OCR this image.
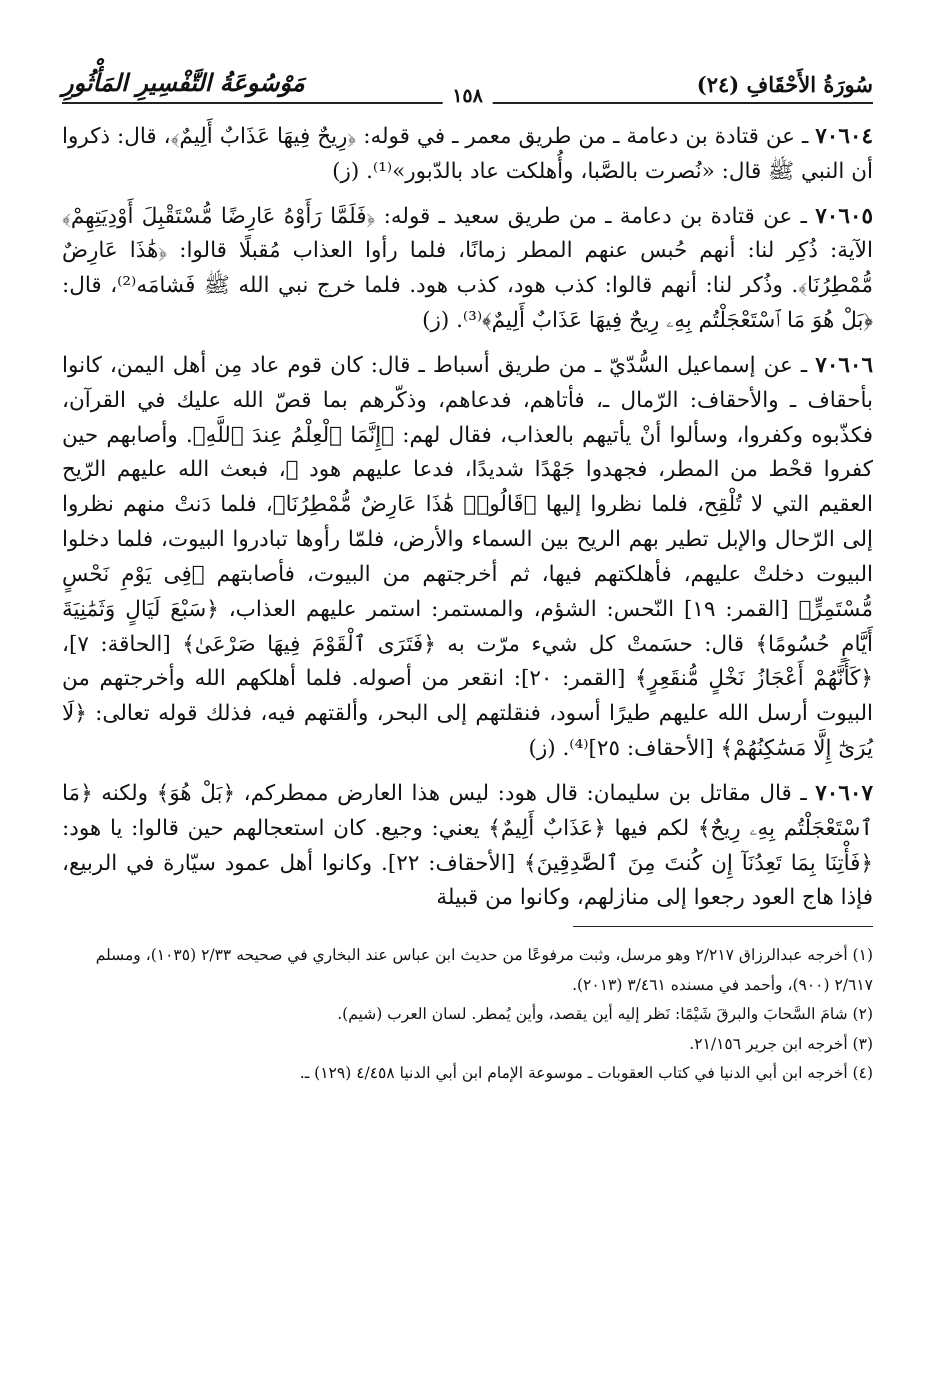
سُورَةُ الأَحْقَافِ (٢٤)
١٥٨
مَوْسُوعَةُ التَّفْسِيرِ المَأْثُورِ

٧٠٦٠٤ ـ عن قتادة بن دعامة ـ من طريق معمر ـ في قوله: ﴿رِيحٌ فِيهَا عَذَابٌ أَلِيمٌ﴾، قال: ذكروا أن النبي ﷺ قال: «نُصرت بالصَّبا، وأُهلكت عاد بالدّبور»⁽¹⁾. (ز)

٧٠٦٠٥ ـ عن قتادة بن دعامة ـ من طريق سعيد ـ قوله: ﴿فَلَمَّا رَأَوْهُ عَارِضًا مُّسْتَقْبِلَ أَوْدِيَتِهِمْ﴾ الآية: ذُكِر لنا: أنهم حُبس عنهم المطر زمانًا، فلما رأوا العذاب مُقبلًا قالوا: ﴿هَٰذَا عَارِضٌ مُّمْطِرُنَا﴾. وذُكر لنا: أنهم قالوا: كذب هود، كذب هود. فلما خرج نبي الله ﷺ فَشامَه⁽²⁾، قال: ﴿بَلْ هُوَ مَا ٱسْتَعْجَلْتُم بِهِۦ رِيحٌ فِيهَا عَذَابٌ أَلِيمٌ﴾⁽³⁾. (ز)

٧٠٦٠٦ ـ عن إسماعيل السُّدّيّ ـ من طريق أسباط ـ قال: كان قوم عاد مِن أهل اليمن، كانوا بأحقاف ـ والأحقاف: الرّمال ـ، فأتاهم، فدعاهم، وذكّرهم بما قصّ الله عليك في القرآن، فكذّبوه وكفروا، وسألوا أنْ يأتيهم بالعذاب، فقال لهم: ﴿إِنَّمَا ٱلْعِلْمُ عِندَ ٱللَّهِ﴾. وأصابهم حين كفروا قحْط من المطر، فجهدوا جَهْدًا شديدًا، فدعا عليهم هود ﷺ، فبعث الله عليهم الرّيح العقيم التي لا تُلْقِح، فلما نظروا إليها ﴿قَالُوا۟ هَٰذَا عَارِضٌ مُّمْطِرُنَا﴾، فلما دَنتْ منهم نظروا إلى الرّحال والإبل تطير بهم الريح بين السماء والأرض، فلمّا رأوها تبادروا البيوت، فلما دخلوا البيوت دخلتْ عليهم، فأهلكتهم فيها، ثم أخرجتهم من البيوت، فأصابتهم ﴿فِى يَوْمِ نَحْسٍ مُّسْتَمِرٍّ﴾ [القمر: ١٩] النّحس: الشؤم، والمستمر: استمر عليهم العذاب، ﴿سَبْعَ لَيَالٍ وَثَمَٰنِيَةَ أَيَّامٍ حُسُومًا﴾ قال: حسَمتْ كل شيء مرّت به ﴿فَتَرَى ٱلْقَوْمَ فِيهَا صَرْعَىٰ﴾ [الحاقة: ٧]، ﴿كَأَنَّهُمْ أَعْجَازُ نَخْلٍ مُّنقَعِرٍ﴾ [القمر: ٢٠]: انقعر من أصوله. فلما أهلكهم الله وأخرجتهم من البيوت أرسل الله عليهم طيرًا أسود، فنقلتهم إلى البحر، وألقتهم فيه، فذلك قوله تعالى: ﴿لَا يُرَىٰٓ إِلَّا مَسَٰكِنُهُمْ﴾ [الأحقاف: ٢٥]⁽⁴⁾. (ز)

٧٠٦٠٧ ـ قال مقاتل بن سليمان: قال هود: ليس هذا العارض ممطركم، ﴿بَلْ هُوَ﴾ ولكنه ﴿مَا ٱسْتَعْجَلْتُم بِهِۦ رِيحٌ﴾ لكم فيها ﴿عَذَابٌ أَلِيمٌ﴾ يعني: وجيع. كان استعجالهم حين قالوا: يا هود: ﴿فَأْتِنَا بِمَا تَعِدُنَآ إِن كُنتَ مِنَ ٱلصَّٰدِقِينَ﴾ [الأحقاف: ٢٢]. وكانوا أهل عمود سيّارة في الربيع، فإذا هاج العود رجعوا إلى منازلهم، وكانوا من قبيلة

(١) أخرجه عبدالرزاق ٢/٢١٧ وهو مرسل، وثبت مرفوعًا من حديث ابن عباس عند البخاري في صحيحه ٢/٣٣ (١٠٣٥)، ومسلم ٢/٦١٧ (٩٠٠)، وأحمد في مسنده ٣/٤٦١ (٢٠١٣).

(٢) شامَ السَّحابَ والبرقَ شَيْمًا: نَظر إليه أين يقصد، وأين يُمطر. لسان العرب (شيم).

(٣) أخرجه ابن جرير ٢١/١٥٦.

(٤) أخرجه ابن أبي الدنيا في كتاب العقوبات ـ موسوعة الإمام ابن أبي الدنيا ٤/٤٥٨ (١٢٩) ـ.
